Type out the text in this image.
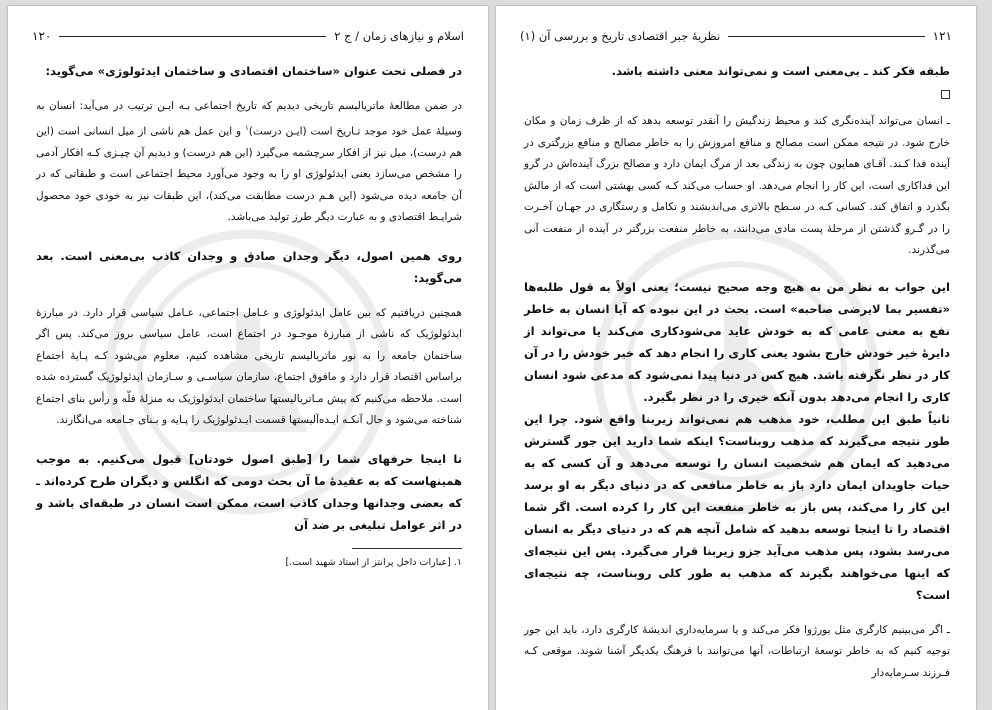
اسلام و نیازهای زمان / ج ۲
۱۲۰

در فصلی تحت عنوان «ساختمان اقتصادی و ساختمان ایدئولوژی» می‌گوید:

در ضمن مطالعهٔ ماتریالیسم تاریخی دیدیم که تاریخ اجتماعی بـه ایـن ترتیب در می‌آید: انسان به وسیلهٔ عمل خود موجد تـاریخ است (ایـن درست)$^۱$ و این عمل هم ناشی از میل انسانی است (این هم درست)، میل نیز از افکار سرچشمه می‌گیرد (این هم درست) و دیدیم آن چیـزی کـه افکار آدمی را مشخص می‌سازد یعنی ایدئولوژی او را به وجود می‌آورد محیط اجتماعی است و طبقاتی که در آن جامعه دیده می‌شود (این هـم درست مطابقت می‌کند)، این طبقات نیز به خودی خود محصول شرایـط اقتصادی و به عبارت دیگر طرز تولید می‌باشد.

روی همین اصول، دیگر وجدان صادق و وجدان کاذب بی‌معنی است. بعد می‌گوید:

همچنین دریافتیم که بین عامل ایدئولوژی و عـامل اجتماعی، عـامل سیاسی قرار دارد. در مبارزهٔ ایدئولوژیک که ناشی از مبارزهٔ موجـود در اجتماع است، عامل سیاسی بروز می‌کند. پس اگر ساختمان جامعه را به نور ماتریالیسم تاریخی مشاهده کنیم، معلوم می‌شود کـه پـایهٔ اجتماع براساس اقتصاد قرار دارد و مافوق اجتماع، سازمان سیاسـی و سـازمان ایدئولوژیک گسترده شده است. ملاحظه می‌کنیم که پیش مـاتریالیستها ساختمان ایدئولوژیک به منزلهٔ فلّه و رأس بنای اجتماع شناخته می‌شود و حال آنکـه ایـده‌آلیستها قسمت ایـدئولوژیک را پـایه و بـنای جـامعه می‌انگارند.

تا اینجا حرفهای شما را [طبق اصول خودتان] قبول می‌کنیم. به موجب همینهاست که به عقیدهٔ ما آن بحث دومی که انگلس و دیگران طرح کرده‌اند ـ که بعضی وجدانها وجدان کاذب است، ممکن است انسان در طبقه‌ای باشد و در اثر عوامل تبلیغی بر ضد آن

۱. [عبارات داخل پرانتز از استاد شهید است.]

۱۲۱
نظریهٔ جبر اقتصادی تاریخ و بررسی آن (۱)

طبقه فکر کند ـ بی‌معنی است و نمی‌تواند معنی داشته باشد.

ـ انسان می‌تواند آینده‌نگری کند و محیط زندگیش را آنقدر توسعه بدهد که از ظرف زمان و مکان خارج شود. در نتیجه ممکن است مصالح و منافع امروزش را به خاطر مصالح و منافع بزرگتری در آینده فدا کـند. آقـای همایون چون به زندگی بعد از مرگ ایمان دارد و مصالح بزرگ آینده‌اش در گرو این فداکاری است، این کار را انجام می‌دهد. او حساب می‌کند کـه کسی بهشتی است که از مالش بگذرد و اتفاق کند. کسانی کـه در سـطح بالاتری می‌اندیشند و تکامل و رستگاری در جهـان آخـرت را در گـرو گذشتن از مرحلهٔ پست مادی می‌دانند، به خاطر منفعت بزرگتر در آینده از منفعت آنی می‌گذرند.

این جواب به نظر من به هیچ وجه صحیح نیست؛ یعنی اولاً به قول طلبه‌ها «تفسیر بما لایرضی صاحبه» است. بحث در این نبوده که آیا انسان به خاطر نفع به معنی عامی که به خودش عاید می‌شودکاری می‌کند یا می‌تواند از دایرهٔ خیر خودش خارج بشود یعنی کاری را انجام دهد که خیر خودش را در آن کار در نظر نگرفته باشد. هیچ کس در دنیا پیدا نمی‌شود که مدعی شود انسان کاری را انجام می‌دهد بدون آنکه خیری را در نظر بگیرد.

ثانیاً طبق این مطلب، خود مذهب هم نمی‌تواند زیربنا واقع شود. چرا این طور نتیجه می‌گیرند که مذهب روبناست؟ اینکه شما دارید این جور گسترش می‌دهید که ایمان هم شخصیت انسان را توسعه می‌دهد و آن کسی که به حیات جاویدان ایمان دارد باز به خاطر منافعی که در دنیای دیگر به او برسد این کار را می‌کند، پس باز به خاطر منفعت این کار را کرده است. اگر شما اقتصاد را تا اینجا توسعه بدهید که شامل آنچه هم که در دنیای دیگر به انسان می‌رسد بشود، پس مذهب می‌آید جزو زیربنا قرار می‌گیرد. پس این نتیجه‌ای که اینها می‌خواهند بگیرند که مذهب به طور کلی روبناست، چه نتیجه‌ای است؟

ـ اگر می‌بینیم کارگری مثل بورژوا فکر می‌کند و یا سرمایه‌داری اندیشهٔ کارگری دارد، باید این جور توجیه کنیم که به خاطر توسعهٔ ارتباطات، آنها می‌توانند با فرهنگ یکدیگر آشنا شوند. موقعی کـه فـرزند سـرمایه‌دار
